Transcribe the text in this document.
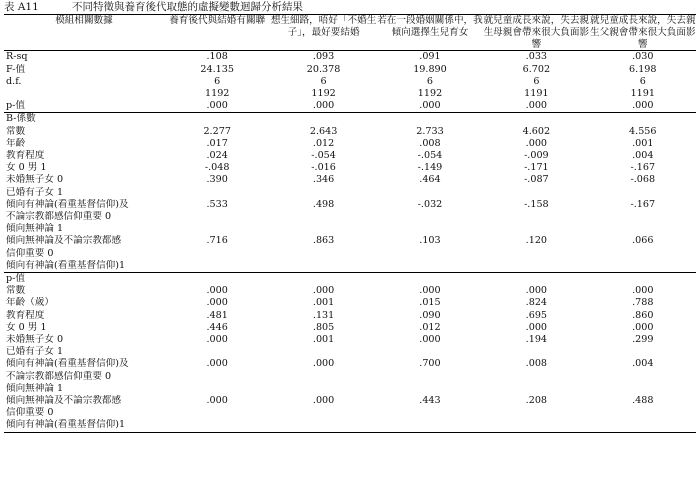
表 A11	不同特徵與養育後代取態的虛擬變數迴歸分析結果
模組相關數據	養育後代與結婚有關聯	想生細路，唔好「不婚生子」，最好要結婚	若在一段婚姻關係中，我傾向選擇生兒育女	就兒童成長來說，失去親生母親會帶來很大負面影響	就兒童成長來說，失去親生父親會帶來很大負面影響
R-sq	.108	.093	.091	.033	.030
F-值	24.135	20.378	19.890	6.702	6.198
d.f.	6	6	6	6	6
	1192	1192	1192	1191	1191
p-值	.000	.000	.000	.000	.000
B-係數					
常數	2.277	2.643	2.733	4.602	4.556
年齡	.017	.012	.008	.000	.001
教育程度	.024	-.054	-.054	-.009	.004
女 0 男 1	-.048	-.016	-.149	-.171	-.167
未婚無子女 0	.390	.346	.464	-.087	-.068
已婚有子女 1					
傾向有神論(看重基督信仰)及	.533	.498	-.032	-.158	-.167
不論宗教都感信仰重要 0					
傾向無神論 1					
傾向無神論及不論宗教都感	.716	.863	.103	.120	.066
信仰重要 0					
傾向有神論(看重基督信仰)1					
p-值					
常數	.000	.000	.000	.000	.000
年齡（歲）	.000	.001	.015	.824	.788
教育程度	.481	.131	.090	.695	.860
女 0 男 1	.446	.805	.012	.000	.000
未婚無子女 0	.000	.001	.000	.194	.299
已婚有子女 1					
傾向有神論(看重基督信仰)及	.000	.000	.700	.008	.004
不論宗教都感信仰重要 0					
傾向無神論 1					
傾向無神論及不論宗教都感	.000	.000	.443	.208	.488
信仰重要 0					
傾向有神論(看重基督信仰)1					
